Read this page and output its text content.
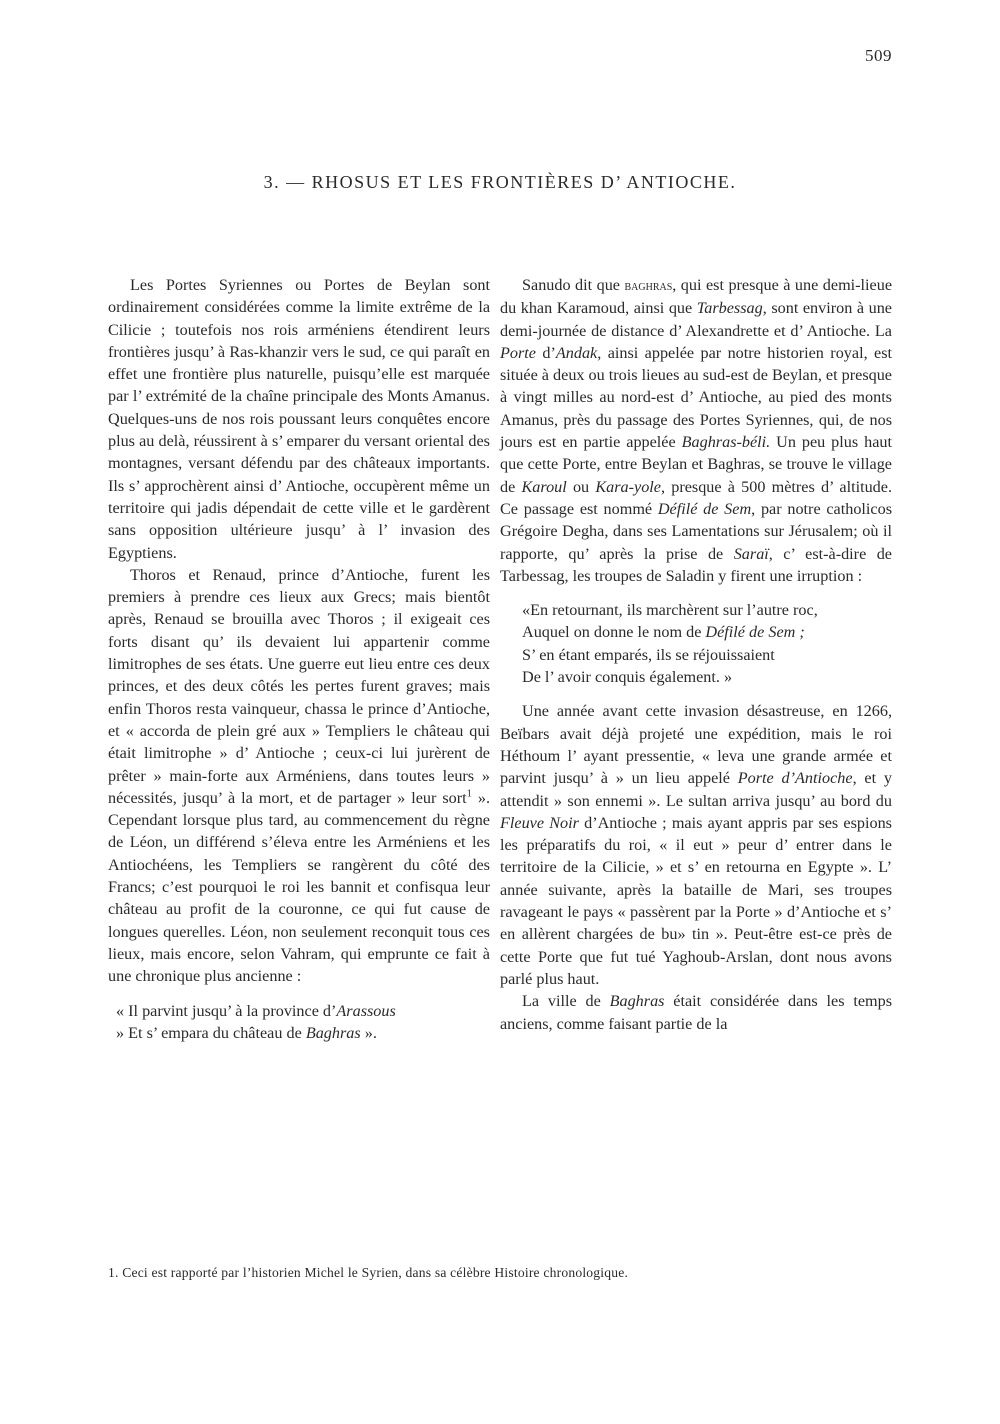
509
3. — RHOSUS ET LES FRONTIÈRES D’ ANTIOCHE.

Les Portes Syriennes ou Portes de Beylan sont ordinairement considérées comme la limite extrême de la Cilicie ; toutefois nos rois arméniens étendirent leurs frontières jusqu’ à Ras-khanzir vers le sud, ce qui paraît en effet une frontière plus naturelle, puisqu’elle est marquée par l’ extrémité de la chaîne principale des Monts Amanus. Quelques-uns de nos rois poussant leurs conquêtes encore plus au delà, réussirent à s’ emparer du versant oriental des montagnes, versant défendu par des châteaux importants. Ils s’ approchèrent ainsi d’ Antioche, occupèrent même un territoire qui jadis dépendait de cette ville et le gardèrent sans opposition ultérieure jusqu’ à l’ invasion des Egyptiens.

Thoros et Renaud, prince d’Antioche, furent les premiers à prendre ces lieux aux Grecs; mais bientôt après, Renaud se brouilla avec Thoros ; il exigeait ces forts disant qu’ ils devaient lui appartenir comme limitrophes de ses états. Une guerre eut lieu entre ces deux princes, et des deux côtés les pertes furent graves; mais enfin Thoros resta vainqueur, chassa le prince d’Antioche, et « accorda de plein gré aux » Templiers le château qui était limitrophe » d’ Antioche ; ceux-ci lui jurèrent de prêter » main-forte aux Arméniens, dans toutes leurs » nécessités, jusqu’ à la mort, et de partager » leur sort$^1$ ». Cependant lorsque plus tard, au commencement du règne de Léon, un différend s’éleva entre les Arméniens et les Antiochéens, les Templiers se rangèrent du côté des Francs; c’est pourquoi le roi les bannit et confisqua leur château au profit de la couronne, ce qui fut cause de longues querelles. Léon, non seulement reconquit tous ces lieux, mais encore, selon Vahram, qui emprunte ce fait à une chronique plus ancienne :

« Il parvint jusqu’ à la province d’Arassous
» Et s’ empara du château de Baghras ».

Sanudo dit que baghras, qui est presque à une demi-lieue du khan Karamoud, ainsi que Tarbessag, sont environ à une demi-journée de distance d’ Alexandrette et d’ Antioche. La Porte d’Andak, ainsi appelée par notre historien royal, est située à deux ou trois lieues au sud-est de Beylan, et presque à vingt milles au nord-est d’ Antioche, au pied des monts Amanus, près du passage des Portes Syriennes, qui, de nos jours est en partie appelée Baghras-béli. Un peu plus haut que cette Porte, entre Beylan et Baghras, se trouve le village de Karoul ou Kara-yole, presque à 500 mètres d’ altitude. Ce passage est nommé Défilé de Sem, par notre catholicos Grégoire Degha, dans ses Lamentations sur Jérusalem; où il rapporte, qu’ après la prise de Saraï, c’ est-à-dire de Tarbessag, les troupes de Saladin y firent une irruption :

«En retournant, ils marchèrent sur l’autre roc,
Auquel on donne le nom de Défilé de Sem ;
S’ en étant emparés, ils se réjouissaient
De l’ avoir conquis également. »

Une année avant cette invasion désastreuse, en 1266, Beïbars avait déjà projeté une expédition, mais le roi Héthoum l’ ayant pressentie, « leva une grande armée et parvint jusqu’ à » un lieu appelé Porte d’Antioche, et y attendit » son ennemi ». Le sultan arriva jusqu’ au bord du Fleuve Noir d’Antioche ; mais ayant appris par ses espions les préparatifs du roi, « il eut » peur d’ entrer dans le territoire de la Cilicie, » et s’ en retourna en Egypte ». L’ année suivante, après la bataille de Mari, ses troupes ravageant le pays « passèrent par la Porte » d’Antioche et s’ en allèrent chargées de bu» tin ». Peut-être est-ce près de cette Porte que fut tué Yaghoub-Arslan, dont nous avons parlé plus haut.

La ville de Baghras était considérée dans les temps anciens, comme faisant partie de la

1. Ceci est rapporté par l’historien Michel le Syrien, dans sa célèbre Histoire chronologique.
